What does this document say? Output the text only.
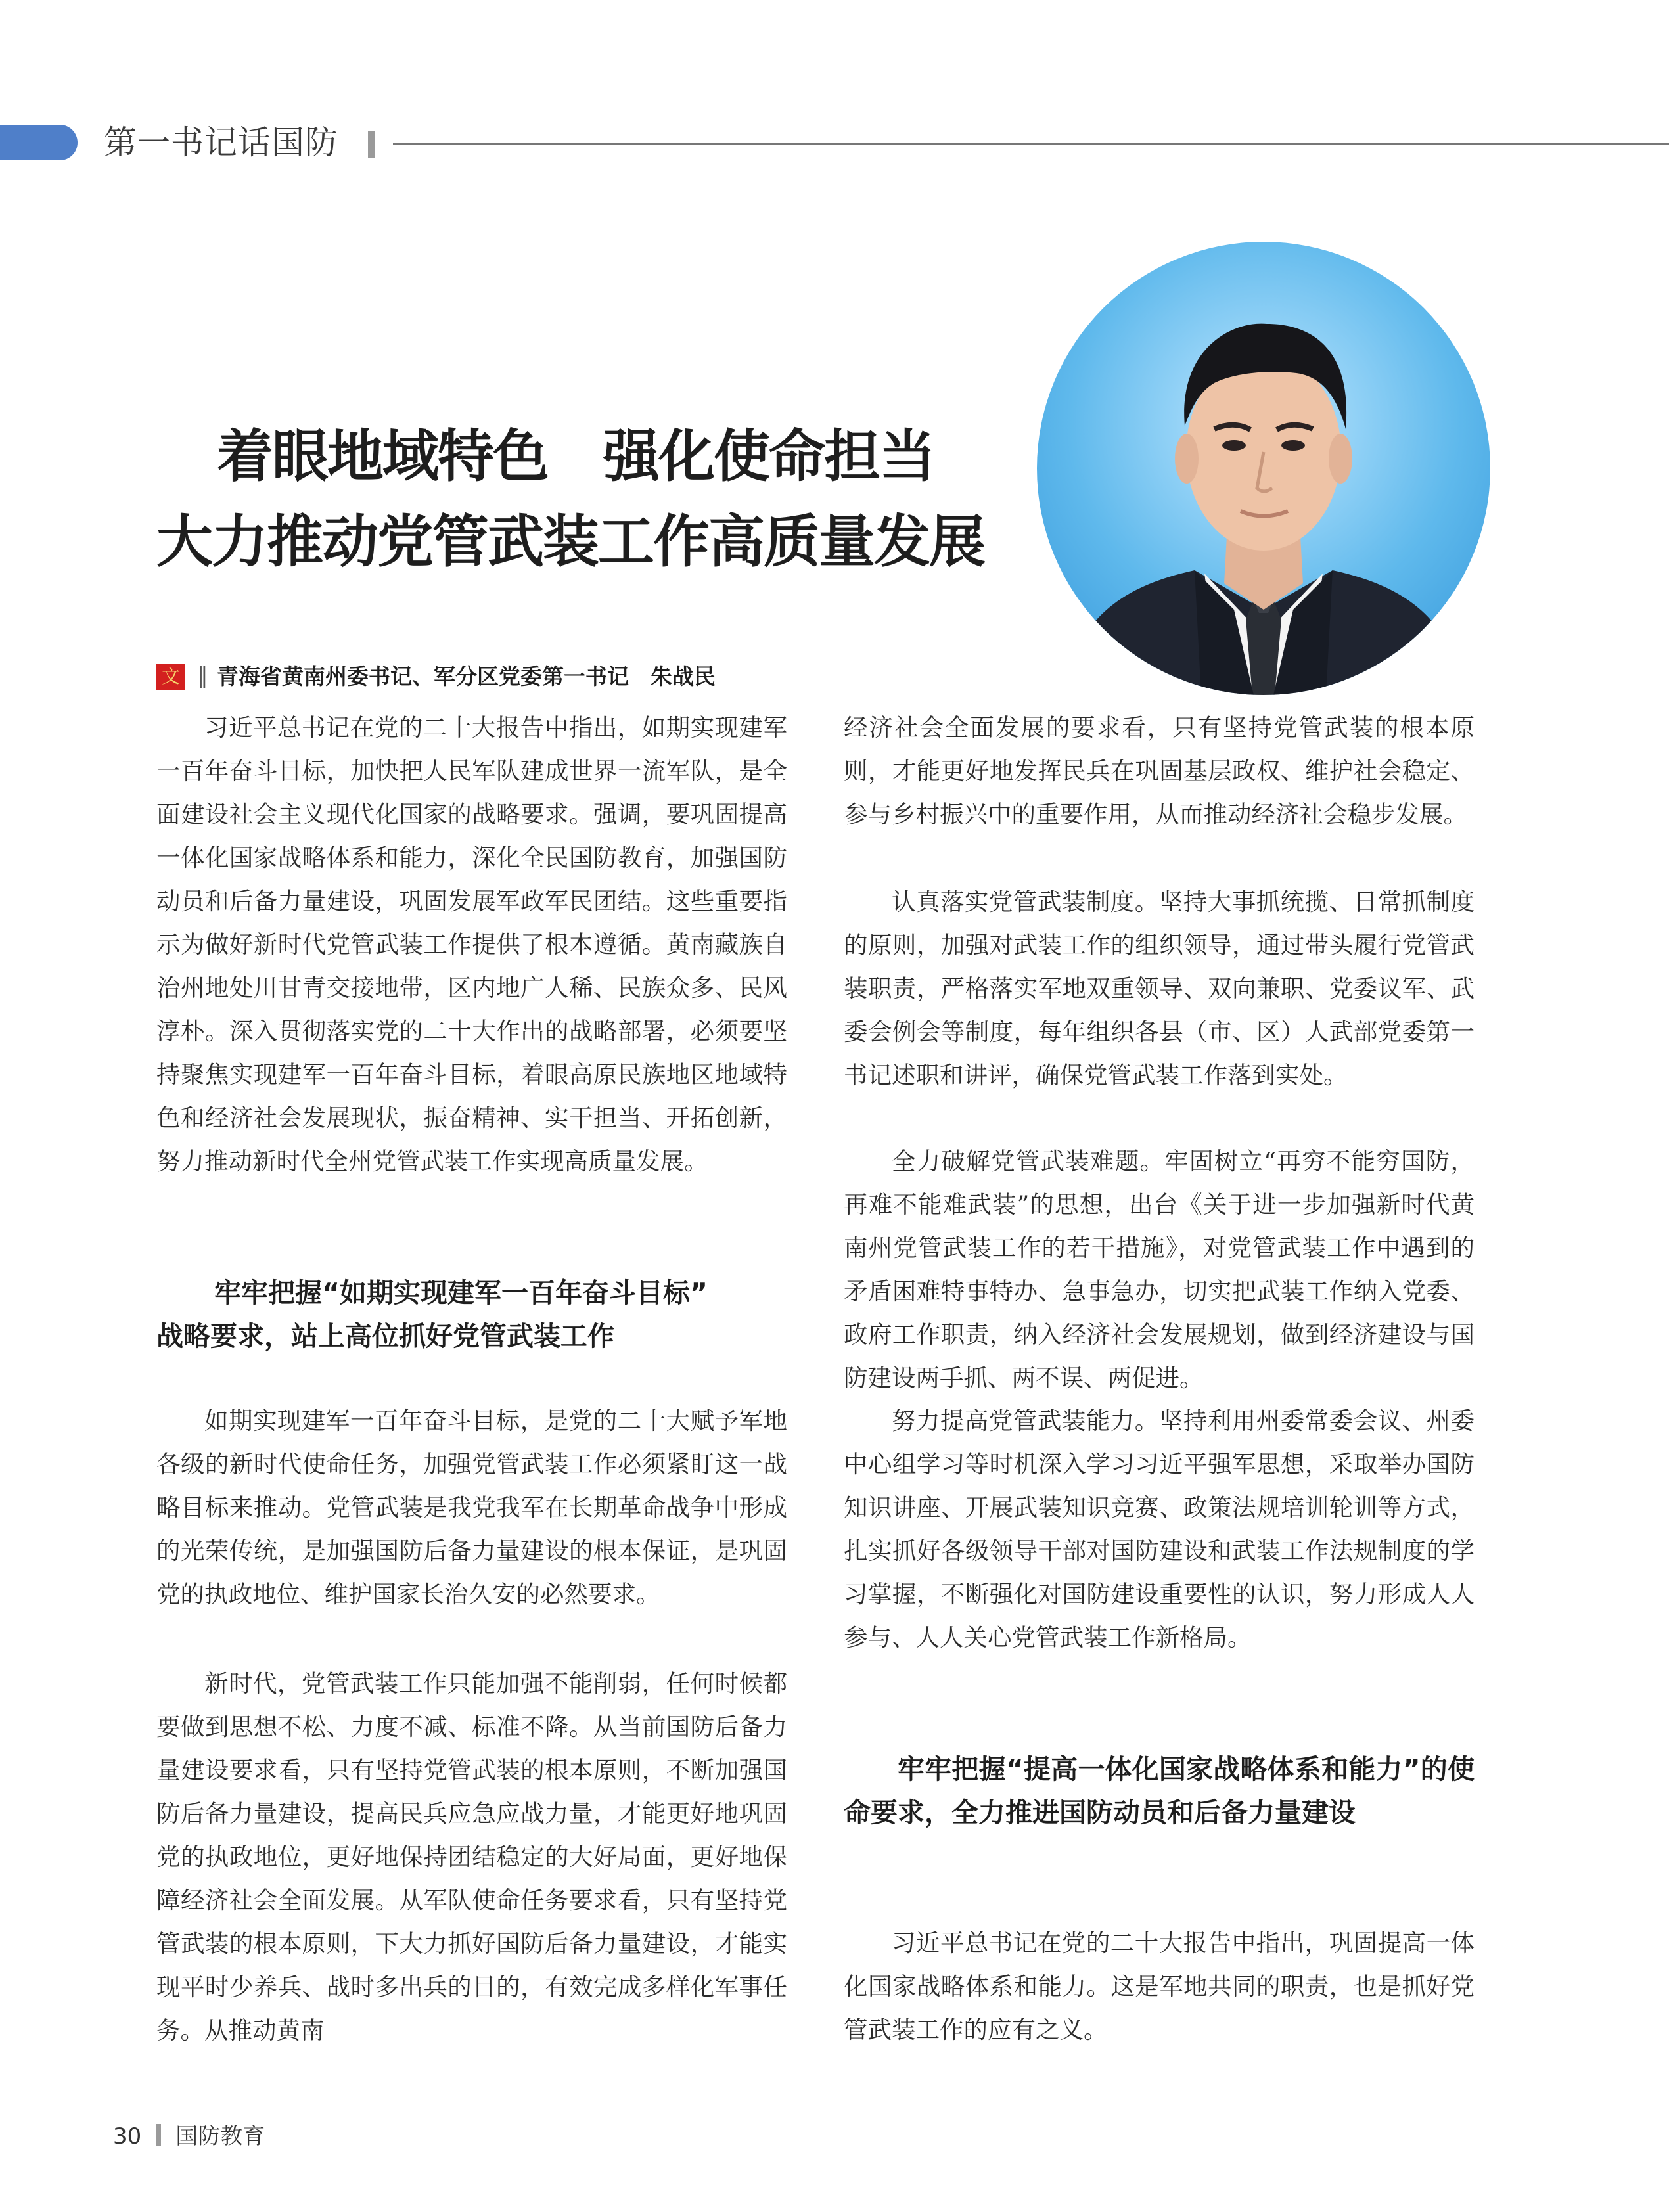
第一书记话国防
着眼地域特色　强化使命担当
大力推动党管武装工作高质量发展
文 ‖ 青海省黄南州委书记、军分区党委第一书记　朱战民

习近平总书记在党的二十大报告中指出，如期实现建军一百年奋斗目标，加快把人民军队建成世界一流军队，是全面建设社会主义现代化国家的战略要求。强调，要巩固提高一体化国家战略体系和能力，深化全民国防教育，加强国防动员和后备力量建设，巩固发展军政军民团结。这些重要指示为做好新时代党管武装工作提供了根本遵循。黄南藏族自治州地处川甘青交接地带，区内地广人稀、民族众多、民风淳朴。深入贯彻落实党的二十大作出的战略部署，必须要坚持聚焦实现建军一百年奋斗目标，着眼高原民族地区地域特色和经济社会发展现状，振奋精神、实干担当、开拓创新，努力推动新时代全州党管武装工作实现高质量发展。

牢牢把握“如期实现建军一百年奋斗目标”
战略要求，站上高位抓好党管武装工作

如期实现建军一百年奋斗目标，是党的二十大赋予军地各级的新时代使命任务，加强党管武装工作必须紧盯这一战略目标来推动。党管武装是我党我军在长期革命战争中形成的光荣传统，是加强国防后备力量建设的根本保证，是巩固党的执政地位、维护国家长治久安的必然要求。

新时代，党管武装工作只能加强不能削弱，任何时候都要做到思想不松、力度不减、标准不降。从当前国防后备力量建设要求看，只有坚持党管武装的根本原则，不断加强国防后备力量建设，提高民兵应急应战力量，才能更好地巩固党的执政地位，更好地保持团结稳定的大好局面，更好地保障经济社会全面发展。从军队使命任务要求看，只有坚持党管武装的根本原则，下大力抓好国防后备力量建设，才能实现平时少养兵、战时多出兵的目的，有效完成多样化军事任务。从推动黄南

经济社会全面发展的要求看，只有坚持党管武装的根本原则，才能更好地发挥民兵在巩固基层政权、维护社会稳定、参与乡村振兴中的重要作用，从而推动经济社会稳步发展。

认真落实党管武装制度。坚持大事抓统揽、日常抓制度的原则，加强对武装工作的组织领导，通过带头履行党管武装职责，严格落实军地双重领导、双向兼职、党委议军、武委会例会等制度，每年组织各县（市、区）人武部党委第一书记述职和讲评，确保党管武装工作落到实处。

全力破解党管武装难题。牢固树立“再穷不能穷国防，再难不能难武装”的思想，出台《关于进一步加强新时代黄南州党管武装工作的若干措施》，对党管武装工作中遇到的矛盾困难特事特办、急事急办，切实把武装工作纳入党委、政府工作职责，纳入经济社会发展规划，做到经济建设与国防建设两手抓、两不误、两促进。

努力提高党管武装能力。坚持利用州委常委会议、州委中心组学习等时机深入学习习近平强军思想，采取举办国防知识讲座、开展武装知识竞赛、政策法规培训轮训等方式，扎实抓好各级领导干部对国防建设和武装工作法规制度的学习掌握，不断强化对国防建设重要性的认识，努力形成人人参与、人人关心党管武装工作新格局。

牢牢把握“提高一体化国家战略体系和能力”的使命要求，全力推进国防动员和后备力量建设

习近平总书记在党的二十大报告中指出，巩固提高一体化国家战略体系和能力。这是军地共同的职责，也是抓好党管武装工作的应有之义。

30 国防教育
